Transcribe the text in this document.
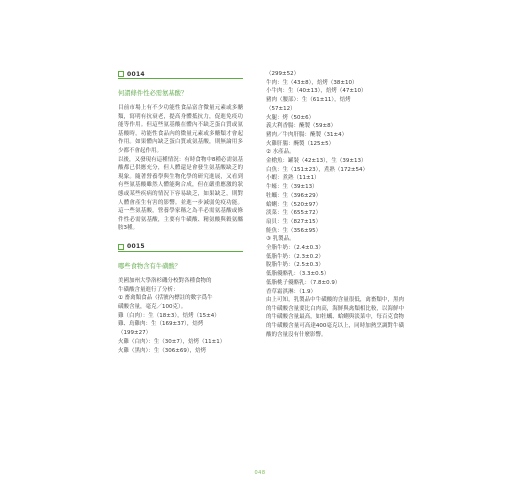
0014
何謂條件性必需氨基酸？

目前市場上有不少功能性食品富含微量元素或多醣類，寫明有抗衰老，提高身體抵抗力，促進免疫功能等作用。但這些氨基酸在體內不缺乏蛋白質或氨基酸時，功能性食品內的微量元素或多醣類才會起作用。如果體內缺乏蛋白質或氨基酸，則無論用多少都不會起作用。

以後，又發現有這種情況：有時食物中8種必需氨基酸都已供應充分，但人體還是會發生氨基酸缺乏的現象。隨著營養學與生物化學的研究進展，又看到有些氨基酸雖然人體能夠合成，但在嚴重應激的狀態或某些疾病的情況下容易缺乏，如果缺乏，則對人體會產生有害的影響。並進一步減弱免疫功能。這一些氨基酸，營養學家稱之為半必需氨基酸或條件性必需氨基酸，主要有牛磺酸、精氨酸與穀氨醯胺3種。

0015
哪些食物含有牛磺酸？
美國加州大學洛杉磯分校對各種食物的
牛磺酸含量進行了分析：
① 畜禽類食品（括號內標註的數字爲牛
磺酸含量，毫克／100克）。
雞（白肉）：生（18±3），焙烤（15±4）
雞、鳥雞肉：生（169±37），焙烤
（199±27）
火雞（白肉）：生（30±7），焙烤（11±1）
火雞（黑肉）：生（306±69），焙烤
（299±52）
牛肉：生（43±8），焙烤（38±10）
小牛肉：生（40±13），焙烤（47±10）
豬肉（腰部）：生（61±11），焙烤
（57±12）
火腿：烤（50±6）
義大利香腸：醃製（59±8）
豬肉／牛肉肝腸：醃製（31±4）
火雞肝腸：醃製（125±5）
② 水產品。
金槍魚：罐裝（42±13），生（39±13）
白魚：生（151±23），煮熟（172±54）
小蝦：煮熟（11±1）
牛蠔：生（39±13）
牡蠣：生（396±29）
蛤蜊：生（520±97）
淡菜：生（655±72）
扇貝：生（827±15）
鮭魚：生（356±95）
③ 乳製品。
全脂牛奶：（2.4±0.3）
低脂牛奶：（2.3±0.2）
脫脂牛奶：（2.5±0.3）
低脂優酪乳：（3.3±0.5）
低脂桃子優酪乳：（7.8±0.9）
香草霜淇淋：（1.9）

由上可知，乳製品中牛磺酸的含量很低，禽畜類中，黑肉的牛磺酸含量要比白肉高，海鮮與禽類相比較，以海鮮中的牛磺酸含量最高，如牡蠣、蛤蜊與淡菜中，每百克食物的牛磺酸含量可高達400毫克以上，同時加熱烹調對牛磺酸的含量沒有什麼影響。

048
